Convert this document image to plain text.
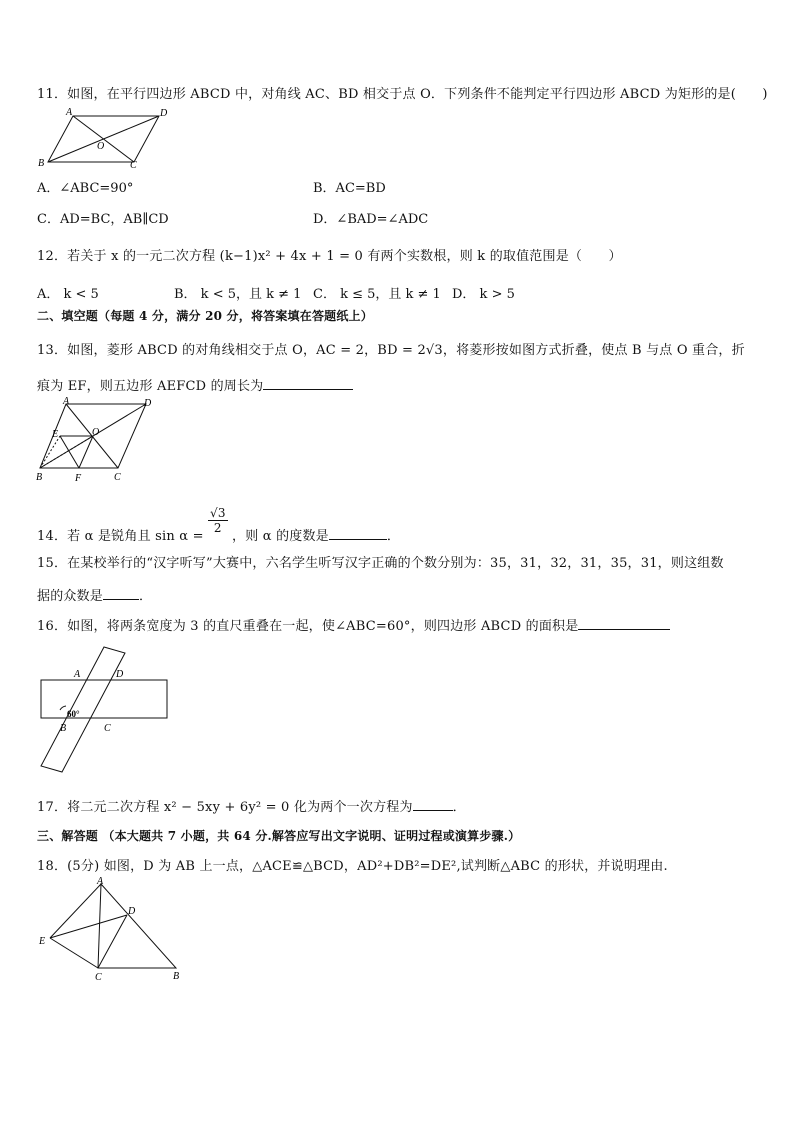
11．如图，在平行四边形 ABCD 中，对角线 AC、BD 相交于点 O．下列条件不能判定平行四边形 ABCD 为矩形的是(　　)
A	D
O
B	C
A．∠ABC=90°	B．AC=BD
C．AD=BC，AB∥CD	D．∠BAD=∠ADC
12．若关于 x 的一元二次方程 (k−1)x² + 4x + 1 = 0 有两个实数根，则 k 的取值范围是（　　）
A． k < 5	B． k < 5，且 k ≠ 1 C． k ≤ 5，且 k ≠ 1 D． k > 5
二、填空题（每题 4 分，满分 20 分，将答案填在答题纸上）
13．如图，菱形 ABCD 的对角线相交于点 O，AC = 2，BD = 2√3，将菱形按如图方式折叠，使点 B 与点 O 重合，折
痕为 EF，则五边形 AEFCD 的周长为
A	D
E	O
B	F	C
14．若 α 是锐角且 sin α =
$\frac{√3}{2}$
，则 α 的度数是	．
15．在某校举行的“汉字听写”大赛中，六名学生听写汉字正确的个数分别为：35，31，32，31，35，31，则这组数
据的众数是	．
16．如图，将两条宽度为 3 的直尺重叠在一起，使∠ABC=60°，则四边形 ABCD 的面积是
A	D
60°
B	C
17．将二元二次方程 x² − 5xy + 6y² = 0 化为两个一次方程为	．
三、解答题 （本大题共 7 小题，共 64 分.解答应写出文字说明、证明过程或演算步骤.）
18．(5分) 如图，D 为 AB 上一点，△ACE≌△BCD，AD²+DB²=DE²,试判断△ABC 的形状，并说明理由.
A
D
E
C	B
